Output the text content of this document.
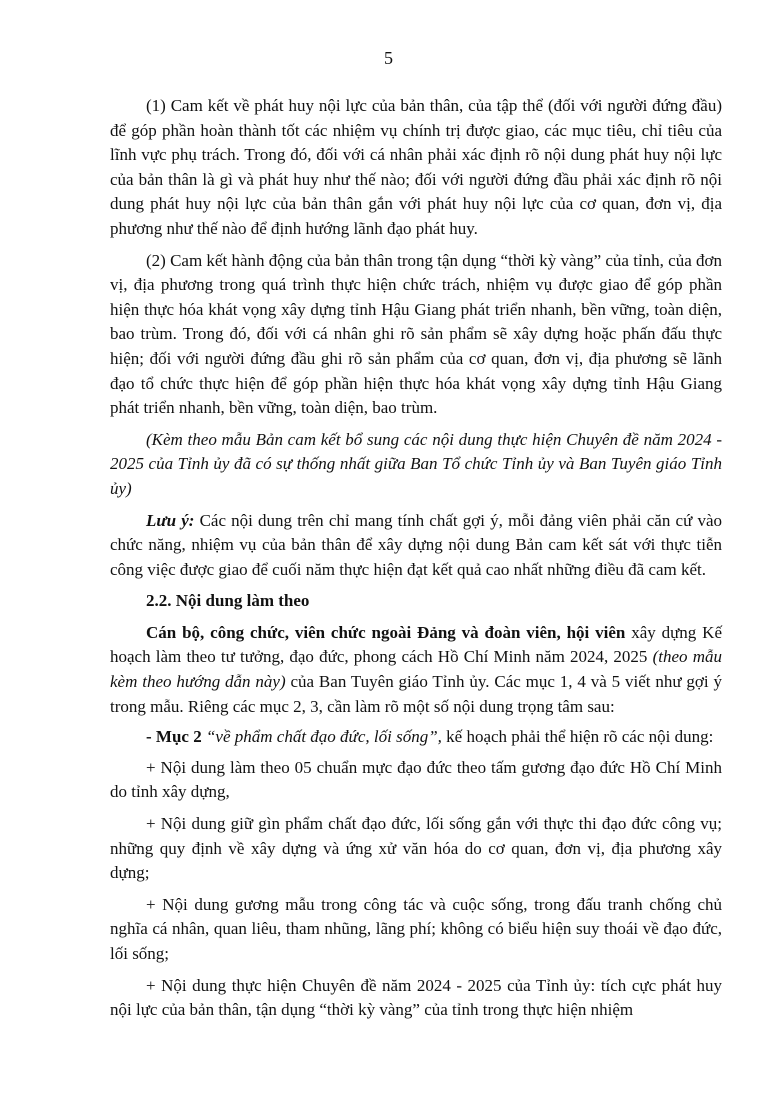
5

(1) Cam kết về phát huy nội lực của bản thân, của tập thể (đối với người đứng đầu) để góp phần hoàn thành tốt các nhiệm vụ chính trị được giao, các mục tiêu, chỉ tiêu của lĩnh vực phụ trách. Trong đó, đối với cá nhân phải xác định rõ nội dung phát huy nội lực của bản thân là gì và phát huy như thế nào; đối với người đứng đầu phải xác định rõ nội dung phát huy nội lực của bản thân gắn với phát huy nội lực của cơ quan, đơn vị, địa phương như thế nào để định hướng lãnh đạo phát huy.

(2) Cam kết hành động của bản thân trong tận dụng “thời kỳ vàng” của tỉnh, của đơn vị, địa phương trong quá trình thực hiện chức trách, nhiệm vụ được giao để góp phần hiện thực hóa khát vọng xây dựng tỉnh Hậu Giang phát triển nhanh, bền vững, toàn diện, bao trùm. Trong đó, đối với cá nhân ghi rõ sản phẩm sẽ xây dựng hoặc phấn đấu thực hiện; đối với người đứng đầu ghi rõ sản phẩm của cơ quan, đơn vị, địa phương sẽ lãnh đạo tổ chức thực hiện để góp phần hiện thực hóa khát vọng xây dựng tỉnh Hậu Giang phát triển nhanh, bền vững, toàn diện, bao trùm.

(Kèm theo mẫu Bản cam kết bổ sung các nội dung thực hiện Chuyên đề năm 2024 - 2025 của Tỉnh ủy đã có sự thống nhất giữa Ban Tổ chức Tỉnh ủy và Ban Tuyên giáo Tỉnh ủy)

Lưu ý: Các nội dung trên chỉ mang tính chất gợi ý, mỗi đảng viên phải căn cứ vào chức năng, nhiệm vụ của bản thân để xây dựng nội dung Bản cam kết sát với thực tiễn công việc được giao để cuối năm thực hiện đạt kết quả cao nhất những điều đã cam kết.

2.2. Nội dung làm theo

Cán bộ, công chức, viên chức ngoài Đảng và đoàn viên, hội viên xây dựng Kế hoạch làm theo tư tưởng, đạo đức, phong cách Hồ Chí Minh năm 2024, 2025 (theo mẫu kèm theo hướng dẫn này) của Ban Tuyên giáo Tỉnh ủy. Các mục 1, 4 và 5 viết như gợi ý trong mẫu. Riêng các mục 2, 3, cần làm rõ một số nội dung trọng tâm sau:

- Mục 2 “về phẩm chất đạo đức, lối sống”, kế hoạch phải thể hiện rõ các nội dung:

+ Nội dung làm theo 05 chuẩn mực đạo đức theo tấm gương đạo đức Hồ Chí Minh do tỉnh xây dựng,

+ Nội dung giữ gìn phẩm chất đạo đức, lối sống gắn với thực thi đạo đức công vụ; những quy định về xây dựng và ứng xử văn hóa do cơ quan, đơn vị, địa phương xây dựng;

+ Nội dung gương mẫu trong công tác và cuộc sống, trong đấu tranh chống chủ nghĩa cá nhân, quan liêu, tham nhũng, lãng phí; không có biểu hiện suy thoái về đạo đức, lối sống;

+ Nội dung thực hiện Chuyên đề năm 2024 - 2025 của Tỉnh ủy: tích cực phát huy nội lực của bản thân, tận dụng “thời kỳ vàng” của tỉnh trong thực hiện nhiệm
